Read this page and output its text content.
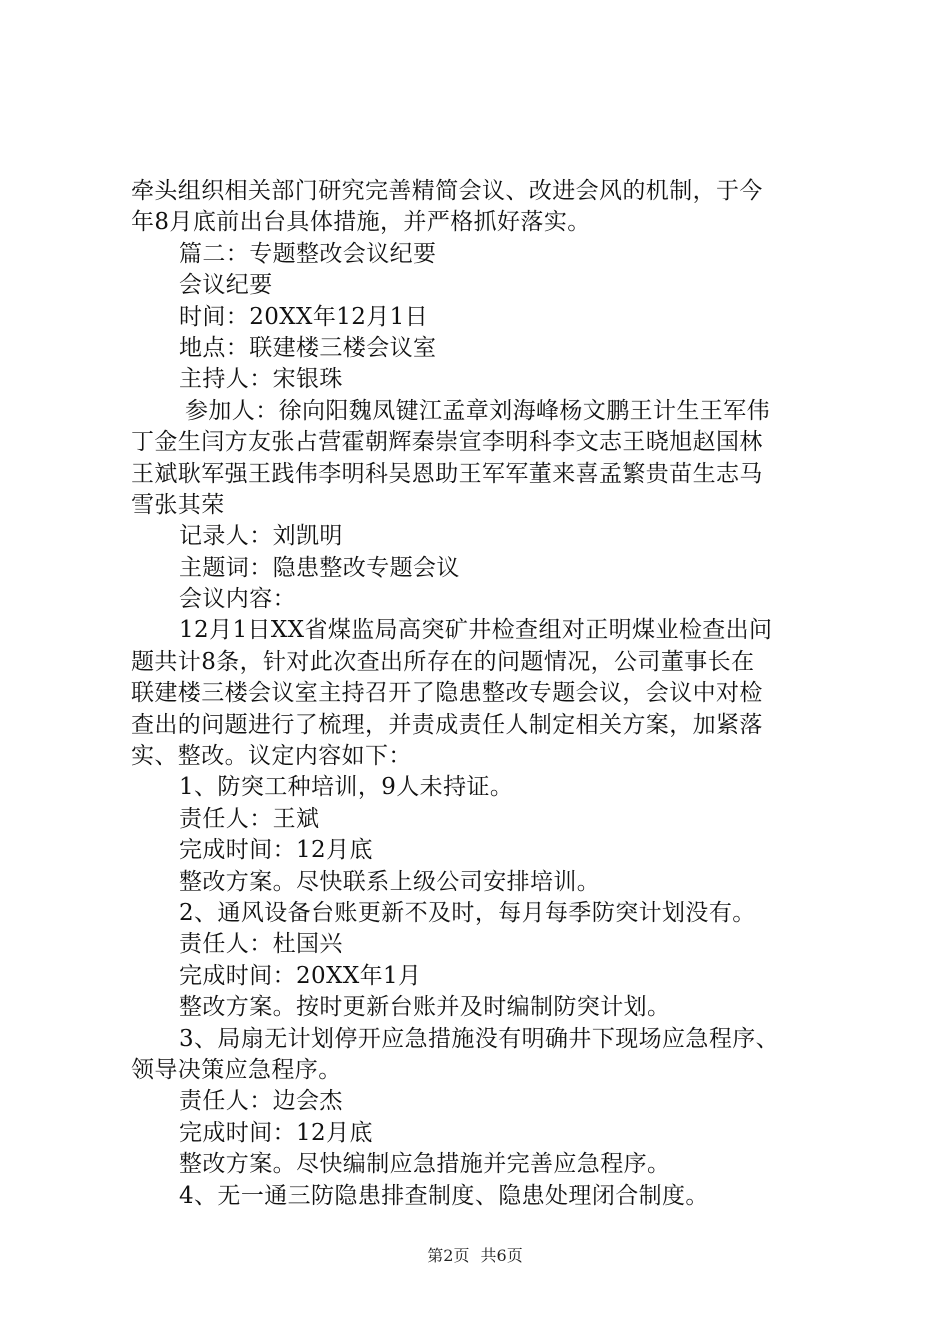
牵头组织相关部门研究完善精简会议、改进会风的机制，于今

年8月底前出台具体措施，并严格抓好落实。

篇二：专题整改会议纪要

会议纪要

时间：20XX年12月1日

地点：联建楼三楼会议室

主持人：宋银珠

参加人：徐向阳魏凤键江孟章刘海峰杨文鹏王计生王军伟

丁金生闫方友张占营霍朝辉秦崇宣李明科李文志王晓旭赵国林

王斌耿军强王践伟李明科吴恩助王军军董来喜孟繁贵苗生志马

雪张其荣

记录人：刘凯明

主题词：隐患整改专题会议

会议内容：

12月1日XX省煤监局高突矿井检查组对正明煤业检查出问

题共计8条，针对此次查出所存在的问题情况，公司董事长在

联建楼三楼会议室主持召开了隐患整改专题会议，会议中对检

查出的问题进行了梳理，并责成责任人制定相关方案，加紧落

实、整改。议定内容如下：

1、防突工种培训，9人未持证。

责任人：王斌

完成时间：12月底

整改方案。尽快联系上级公司安排培训。

2、通风设备台账更新不及时，每月每季防突计划没有。

责任人：杜国兴

完成时间：20XX年1月

整改方案。按时更新台账并及时编制防突计划。

3、局扇无计划停开应急措施没有明确井下现场应急程序、

领导决策应急程序。

责任人：边会杰

完成时间：12月底

整改方案。尽快编制应急措施并完善应急程序。

4、无一通三防隐患排查制度、隐患处理闭合制度。

第2页 共6页
